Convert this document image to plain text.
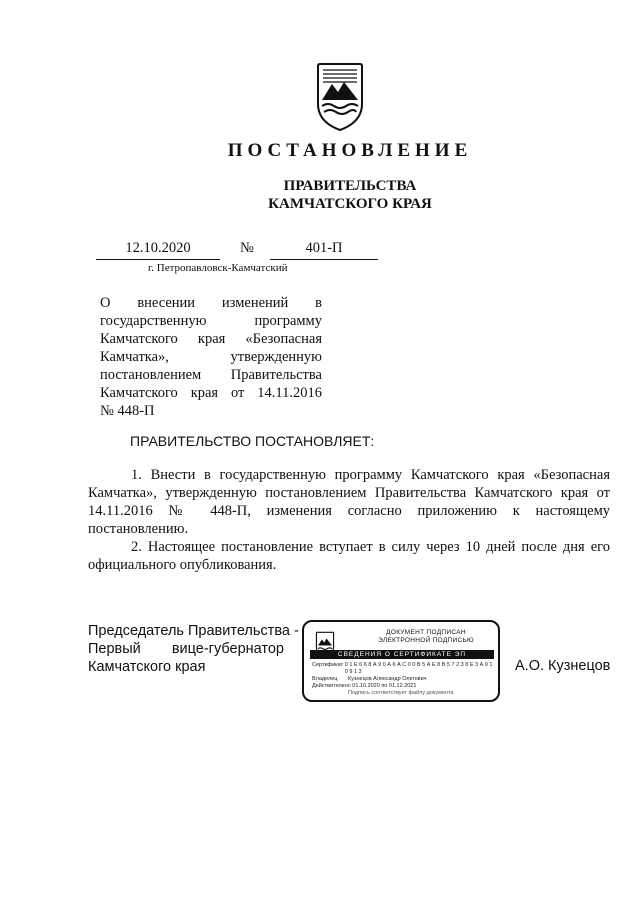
ПОСТАНОВЛЕНИЕ
ПРАВИТЕЛЬСТВА
КАМЧАТСКОГО КРАЯ
12.10.2020	№	401-П
г. Петропавловск-Камчатский
О внесении изменений в
государственную программу
Камчатского края «Безопасная
Камчатка», утвержденную
постановлением Правительства
Камчатского края от 14.11.2016
№ 448-П
ПРАВИТЕЛЬСТВО ПОСТАНОВЛЯЕТ:
1. Внести в государственную программу Камчатского края «Безопасная
Камчатка», утвержденную постановлением Правительства Камчатского края от
14.11.2016 № 448-П, изменения согласно приложению к настоящему
постановлению.
2. Настоящее постановление вступает в силу через 10 дней после дня его
официального опубликования.
Председатель Правительства -
Первый вице-губернатор
Камчатского края
ДОКУМЕНТ ПОДПИСАН
ЭЛЕКТРОННОЙ ПОДПИСЬЮ
СВЕДЕНИЯ О СЕРТИФИКАТЕ ЭП
Сертификат 0 1 Е 6 6 8 А 9 0 А 6 А С 0 0 В 5 А Е 8 В 5 7 2 3 8 Е 3 А 9 1 0 9 1 3
Владелец	Кузнецов Александр Олегович
Действителен с 01.10.2020 по 01.12.2021
Подпись соответствует файлу документа
А.О. Кузнецов
